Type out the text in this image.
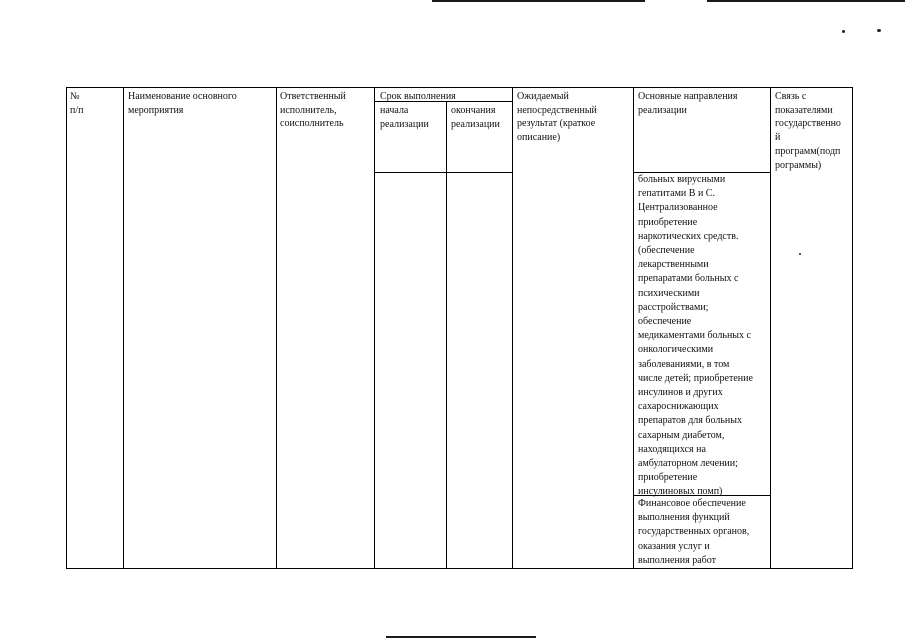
№
п/п
Наименование основного
мероприятия
Ответственный
исполнитель,
соисполнитель
Срок выполнения
начала
реализации
окончания
реализации
Ожидаемый
непосредственный
результат (краткое
описание)
Основные направления
реализации
Связь с
показателями
государственно
й
программ(подп
рограммы)
больных вирусными
гепатитами В и С.
Централизованное
приобретение
наркотических средств.
(обеспечение
лекарственными
препаратами больных с
психическими
расстройствами;
обеспечение
медикаментами больных с
онкологическими
заболеваниями, в том
числе детей; приобретение
инсулинов и других
сахароснижающих
препаратов для больных
сахарным диабетом,
находящихся на
амбулаторном лечении;
приобретение
инсулиновых помп)
Финансовое обеспечение
выполнения функций
государственных органов,
оказания услуг и
выполнения работ
